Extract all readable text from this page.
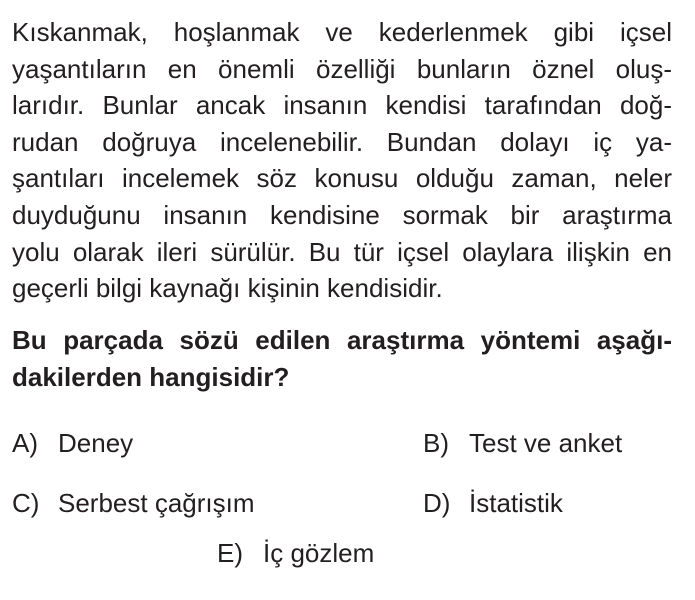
Kıskanmak, hoşlanmak ve kederlenmek gibi içsel
yaşantıların en önemli özelliği bunların öznel oluş-
larıdır. Bunlar ancak insanın kendisi tarafından doğ-
rudan doğruya incelenebilir. Bundan dolayı iç ya-
şantıları incelemek söz konusu olduğu zaman, neler
duyduğunu insanın kendisine sormak bir araştırma
yolu olarak ileri sürülür. Bu tür içsel olaylara ilişkin en
geçerli bilgi kaynağı kişinin kendisidir.
Bu parçada sözü edilen araştırma yöntemi aşağı-
dakilerden hangisidir?
A) Deney	B) Test ve anket
C) Serbest çağrışım	D) İstatistik
E) İç gözlem
